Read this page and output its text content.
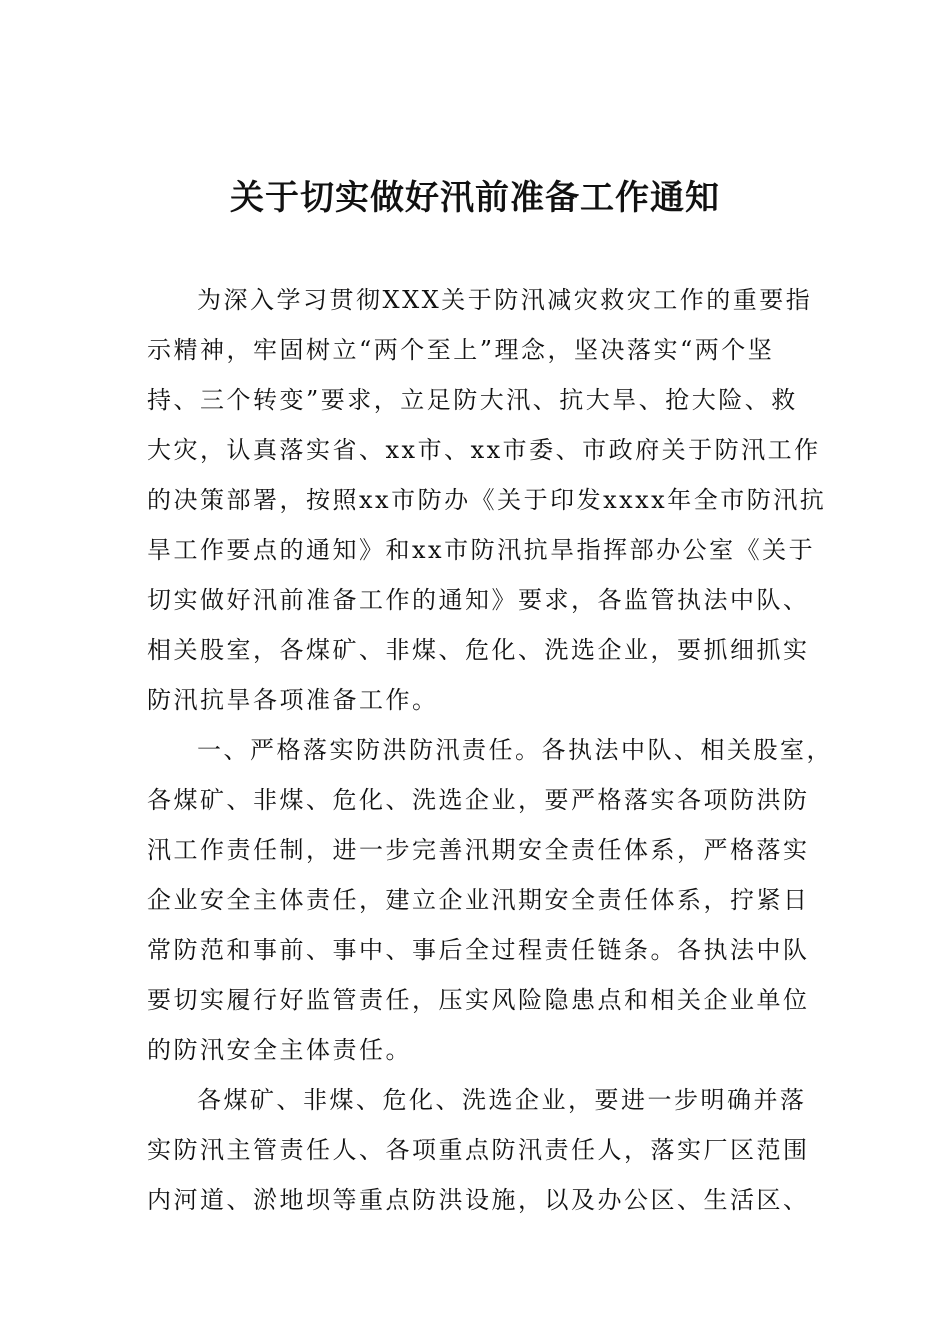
关于切实做好汛前准备工作通知
为深入学习贯彻XXX关于防汛减灾救灾工作的重要指
示精神，牢固树立“两个至上”理念，坚决落实“两个坚
持、三个转变”要求，立足防大汛、抗大旱、抢大险、救
大灾，认真落实省、xx市、xx市委、市政府关于防汛工作
的决策部署，按照xx市防办《关于印发xxxx年全市防汛抗
旱工作要点的通知》和xx市防汛抗旱指挥部办公室《关于
切实做好汛前准备工作的通知》要求，各监管执法中队、
相关股室，各煤矿、非煤、危化、洗选企业，要抓细抓实
防汛抗旱各项准备工作。
一、严格落实防洪防汛责任。各执法中队、相关股室，
各煤矿、非煤、危化、洗选企业，要严格落实各项防洪防
汛工作责任制，进一步完善汛期安全责任体系，严格落实
企业安全主体责任，建立企业汛期安全责任体系，拧紧日
常防范和事前、事中、事后全过程责任链条。各执法中队
要切实履行好监管责任，压实风险隐患点和相关企业单位
的防汛安全主体责任。
各煤矿、非煤、危化、洗选企业，要进一步明确并落
实防汛主管责任人、各项重点防汛责任人，落实厂区范围
内河道、淤地坝等重点防洪设施，以及办公区、生活区、
